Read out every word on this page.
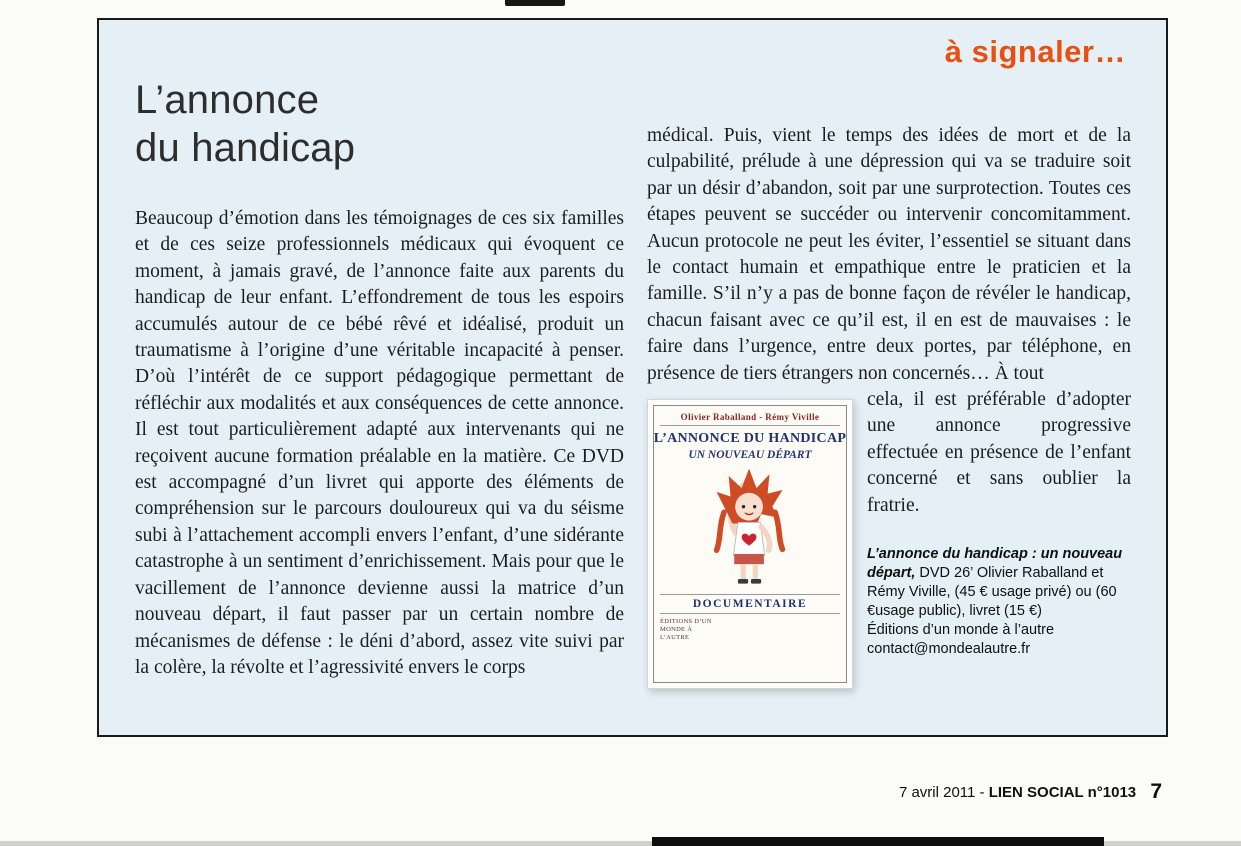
à signaler…
L’annonce
du handicap
Beaucoup d’émotion dans les témoignages de ces six familles et de ces seize professionnels médicaux qui évoquent ce moment, à jamais gravé, de l’annonce faite aux parents du handicap de leur enfant. L’effondrement de tous les espoirs accumulés autour de ce bébé rêvé et idéalisé, produit un traumatisme à l’origine d’une véritable incapacité à penser. D’où l’intérêt de ce support pédagogique permettant de réfléchir aux modalités et aux conséquences de cette annonce. Il est tout particulièrement adapté aux intervenants qui ne reçoivent aucune formation préalable en la matière. Ce DVD est accompagné d’un livret qui apporte des éléments de compréhension sur le parcours douloureux qui va du séisme subi à l’attachement accompli envers l’enfant, d’une sidérante catastrophe à un sentiment d’enrichissement. Mais pour que le vacillement de l’annonce devienne aussi la matrice d’un nouveau départ, il faut passer par un certain nombre de mécanismes de défense : le déni d’abord, assez vite suivi par la colère, la révolte et l’agressivité envers le corps

médical. Puis, vient le temps des idées de mort et de la culpabilité, prélude à une dépression qui va se traduire soit par un désir d’abandon, soit par une surprotection. Toutes ces étapes peuvent se succéder ou intervenir concomitamment. Aucun protocole ne peut les éviter, l’essentiel se situant dans le contact humain et empathique entre le praticien et la famille. S’il n’y a pas de bonne façon de révéler le handicap, chacun faisant avec ce qu’il est, il en est de mauvaises : le faire dans l’urgence, entre deux portes, par téléphone, en présence de tiers étrangers non concernés… À tout

Olivier Raballand - Rémy Viville
L’ANNONCE DU HANDICAP
UN NOUVEAU DÉPART
DOCUMENTAIRE
ÉDITIONS D’UN MONDE À L’AUTRE

cela, il est préférable d’adopter une annonce progressive effectuée en présence de l’enfant concerné et sans oublier la fratrie.

L’annonce du handicap : un nouveau départ, DVD 26’ Olivier Raballand et Rémy Viville, (45 € usage privé) ou (60 €usage public), livret (15 €)
Éditions d’un monde à l’autre
contact@mondealautre.fr
7 avril 2011 - LIEN SOCIAL n°1013 7
